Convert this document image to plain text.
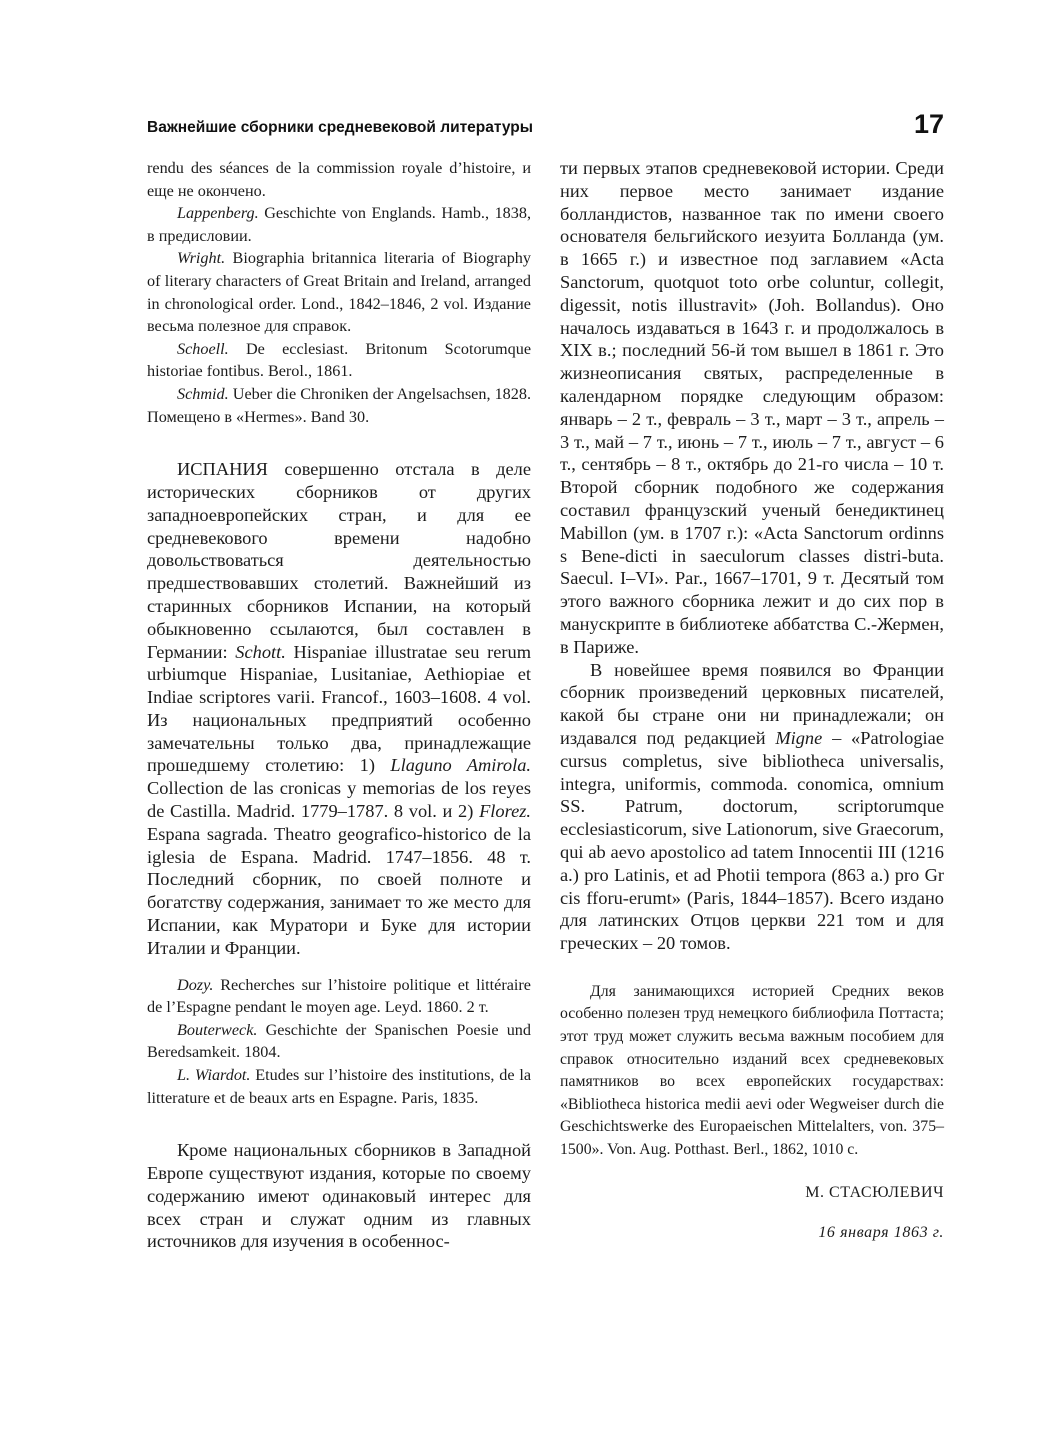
Важнейшие сборники средневековой литературы	17

rendu des séances de la commission royale d’histoire, и еще не окончено.

Lappenberg. Geschichte von Englands. Hamb., 1838, в предисловии.

Wright. Biographia britannica literaria of Biography of literary characters of Great Britain and Ireland, arranged in chronological order. Lond., 1842–1846, 2 vol. Издание весьма полезное для справок.

Schoell. De ecclesiast. Britonum Scotorumque historiae fontibus. Berol., 1861.

Schmid. Ueber die Chroniken der Angelsachsen, 1828. Помещено в «Hermes». Band 30.

ИСПАНИЯ совершенно отстала в деле исторических сборников от других западноевропейских стран, и для ее средневекового времени надобно довольствоваться деятельностью предшествовавших столетий. Важнейший из старинных сборников Испании, на который обыкновенно ссылаются, был составлен в Германии: Schott. Hispaniae illustratae seu rerum urbiumque Hispaniae, Lusitaniae, Aethiopiae et Indiae scriptores varii. Francof., 1603–1608. 4 vol. Из национальных предприятий особенно замечательны только два, принадлежащие прошедшему столетию: 1) Llaguno Amirola. Collection de las cronicas y memorias de los reyes de Castilla. Madrid. 1779–1787. 8 vol. и 2) Florez. Espana sagrada. Theatro geografico-historico de la iglesia de Espana. Madrid. 1747–1856. 48 т. Последний сборник, по своей полноте и богатству содержания, занимает то же место для Испании, как Муратори и Буке для истории Италии и Франции.

Dozy. Recherches sur l’histoire politique et littéraire de l’Espagne pendant le moyen age. Leyd. 1860. 2 т.

Bouterweck. Geschichte der Spanischen Poesie und Beredsamkeit. 1804.

L. Wiardot. Etudes sur l’histoire des institutions, de la litterature et de beaux arts en Espagne. Paris, 1835.

Кроме национальных сборников в Западной Европе существуют издания, которые по своему содержанию имеют одинаковый интерес для всех стран и служат одним из главных источников для изучения в особеннос-

ти первых этапов средневековой истории. Среди них первое место занимает издание болландистов, названное так по имени своего основателя бельгийского иезуита Болланда (ум. в 1665 г.) и известное под заглавием «Acta Sanctorum, quotquot toto orbe coluntur, collegit, digessit, notis illustravit» (Joh. Bollandus). Оно началось издаваться в 1643 г. и продолжалось в XIX в.; последний 56-й том вышел в 1861 г. Это жизнеописания святых, распределенные в календарном порядке следующим образом: январь – 2 т., февраль – 3 т., март – 3 т., апрель – 3 т., май – 7 т., июнь – 7 т., июль – 7 т., август – 6 т., сентябрь – 8 т., октябрь до 21-го числа – 10 т. Второй сборник подобного же содержания составил французский ученый бенедиктинец Mabillon (ум. в 1707 г.): «Acta Sanctorum ordinns s Bene-dicti in saeculorum classes distri-buta. Saecul. I–VI». Par., 1667–1701, 9 т. Десятый том этого важного сборника лежит и до сих пор в манускрипте в библиотеке аббатства С.-Жермен, в Париже.

В новейшее время появился во Франции сборник произведений церковных писателей, какой бы стране они ни принадлежали; он издавался под редакцией Migne – «Patrologiae cursus completus, sive bibliotheca universalis, integra, uniformis, commoda. conomica, omnium SS. Patrum, doctorum, scriptorumque ecclesiasticorum, sive Lationorum, sive Graecorum, qui ab aevo apostolico ad tatem Innocentii III (1216 a.) pro Latinis, et ad Photii tempora (863 a.) pro Gr cis fforu-erumt» (Paris, 1844–1857). Всего издано для латинских Отцов церкви 221 том и для греческих – 20 томов.

Для занимающихся историей Средних веков особенно полезен труд немецкого библиофила Поттаста; этот труд может служить весьма важным пособием для справок относительно изданий всех средневековых памятников во всех европейских государствах: «Bibliotheca historica medii aevi oder Wegweiser durch die Geschichtswerke des Europaeischen Mittelalters, von. 375–1500». Von. Aug. Potthast. Berl., 1862, 1010 с.

М. СТАСЮЛЕВИЧ

16 января 1863 г.
